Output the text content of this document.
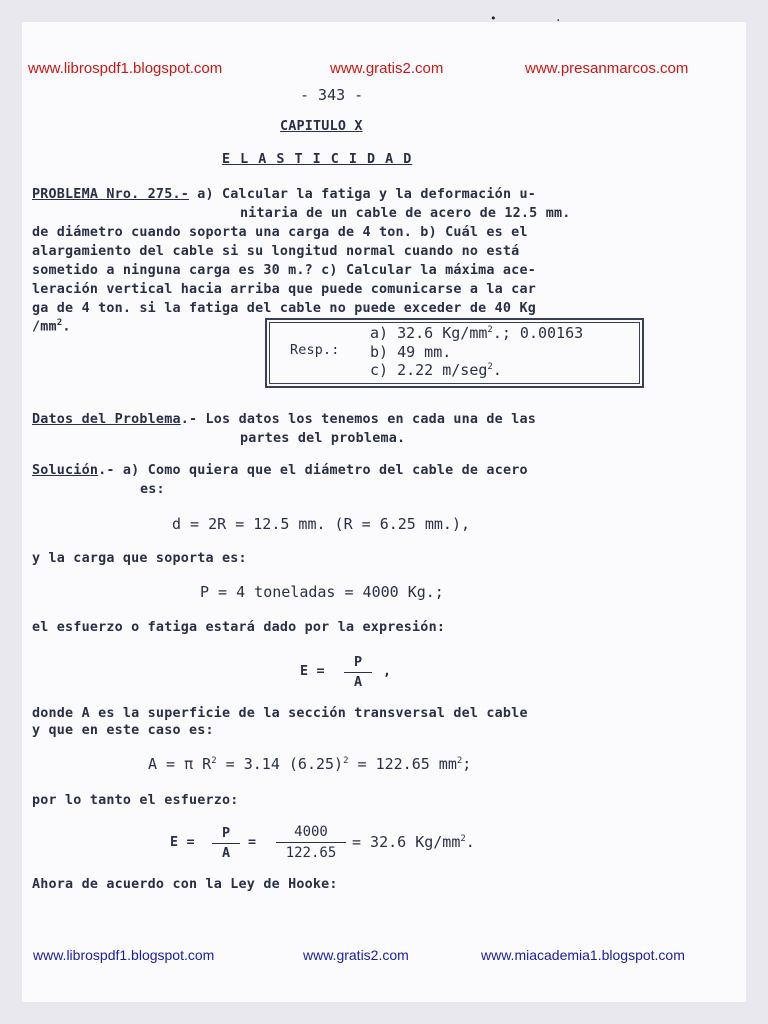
•	·
www.librospdf1.blogspot.com	www.gratis2.com	www.presanmarcos.com
- 343 -
CAPITULO X
E L A S T I C I D A D
PROBLEMA Nro. 275.- a) Calcular la fatiga y la deformación u-
nitaria de un cable de acero de 12.5 mm.
de diámetro cuando soporta una carga de 4 ton. b) Cuál es el
alargamiento del cable si su longitud normal cuando no está
sometido a ninguna carga es 30 m.? c) Calcular la máxima ace-
leración vertical hacia arriba que puede comunicarse a la car
ga de 4 ton. si la fatiga del cable no puede exceder de 40 Kg
$/mm^2$.
Resp.:
a) 32.6 $Kg/mm^2$.; 0.00163
b) 49 mm.
c) 2.22 m/seg$^2$.
Datos del Problema.- Los datos los tenemos en cada una de las
partes del problema.
Solución.- a) Como quiera que el diámetro del cable de acero
es:
d = 2R = 12.5 mm. (R = 6.25 mm.),
y la carga que soporta es:
P = 4 toneladas = 4000 Kg.;
el esfuerzo o fatiga estará dado por la expresión:
$E = \frac{P}{A}$ ,
donde A es la superficie de la sección transversal del cable
y que en este caso es:
A = π $R^2 = 3.14$ $(6.25)^2 = 122.65$ $mm^2$;
por lo tanto el esfuerzo:
$E = \frac{P}{A} = \frac{4000}{122.65} = 32.6$ $Kg/mm^2$.
Ahora de acuerdo con la Ley de Hooke:
www.librospdf1.blogspot.com	www.gratis2.com	www.miacademia1.blogspot.com
